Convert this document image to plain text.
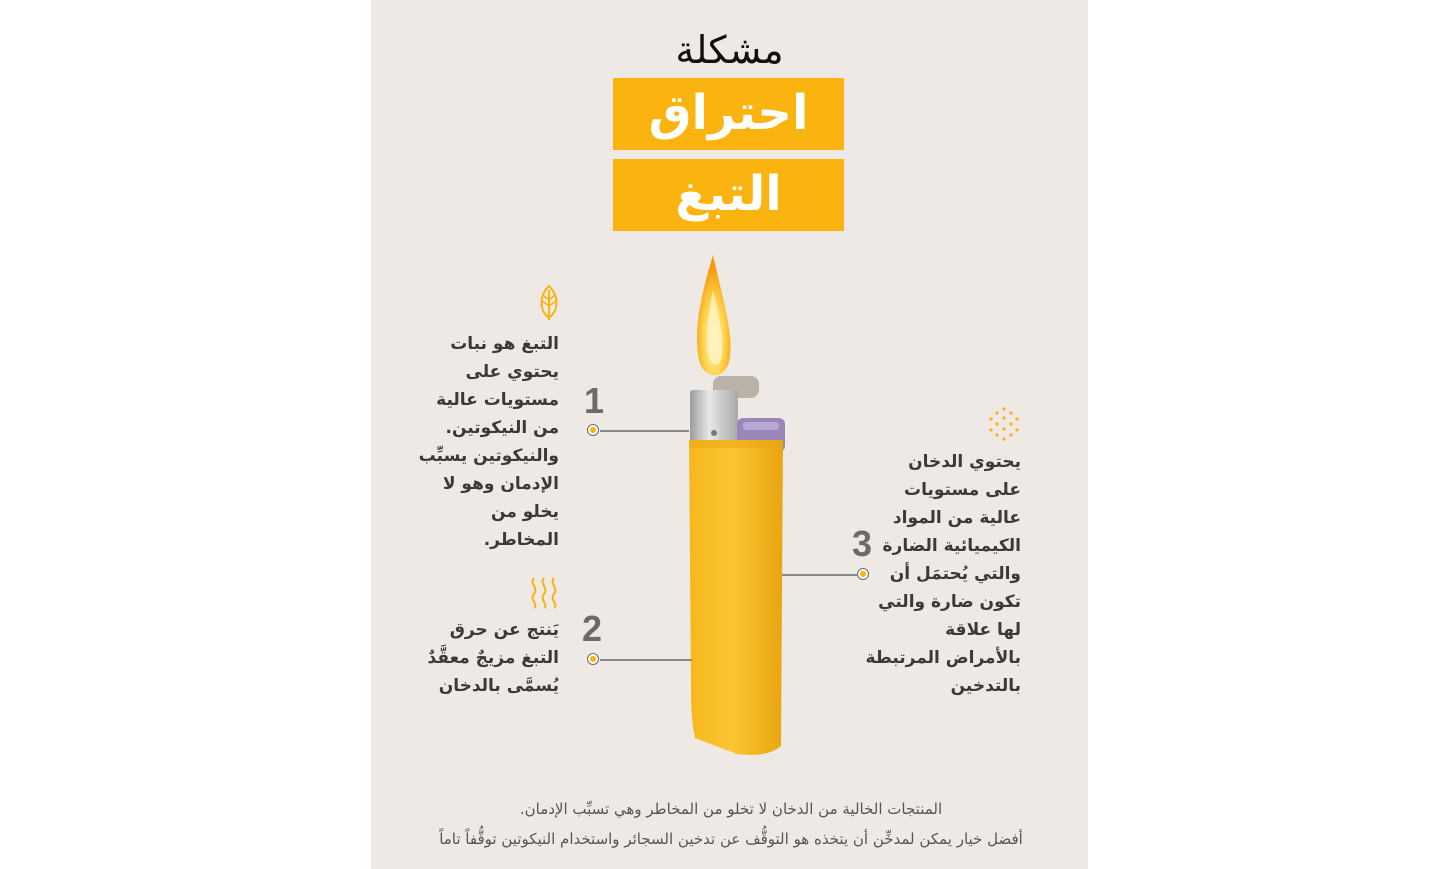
مشكلة
احتراق
التبغ
التبغ هو نبات
يحتوي على
مستويات عالية
من النيكوتين.
والنيكوتين يسبِّب
الإدمان وهو لا
يخلو من المخاطر.
1
يَنتج عن حرق
التبغ مزيجٌ معقَّدٌ
يُسمَّى بالدخان
2
يحتوي الدخان
على مستويات
عالية من المواد
الكيميائية الضارة
والتي يُحتمَل أن
تكون ضارة والتي
لها علاقة
بالأمراض المرتبطة
بالتدخين
3
المنتجات الخالية من الدخان لا تخلو من المخاطر وهي تسبِّب الإدمان.
أفضل خيار يمكن لمدخِّن أن يتخذه هو التوقُّف عن تدخين السجائر واستخدام النيكوتين توقُّفاً تاماً
